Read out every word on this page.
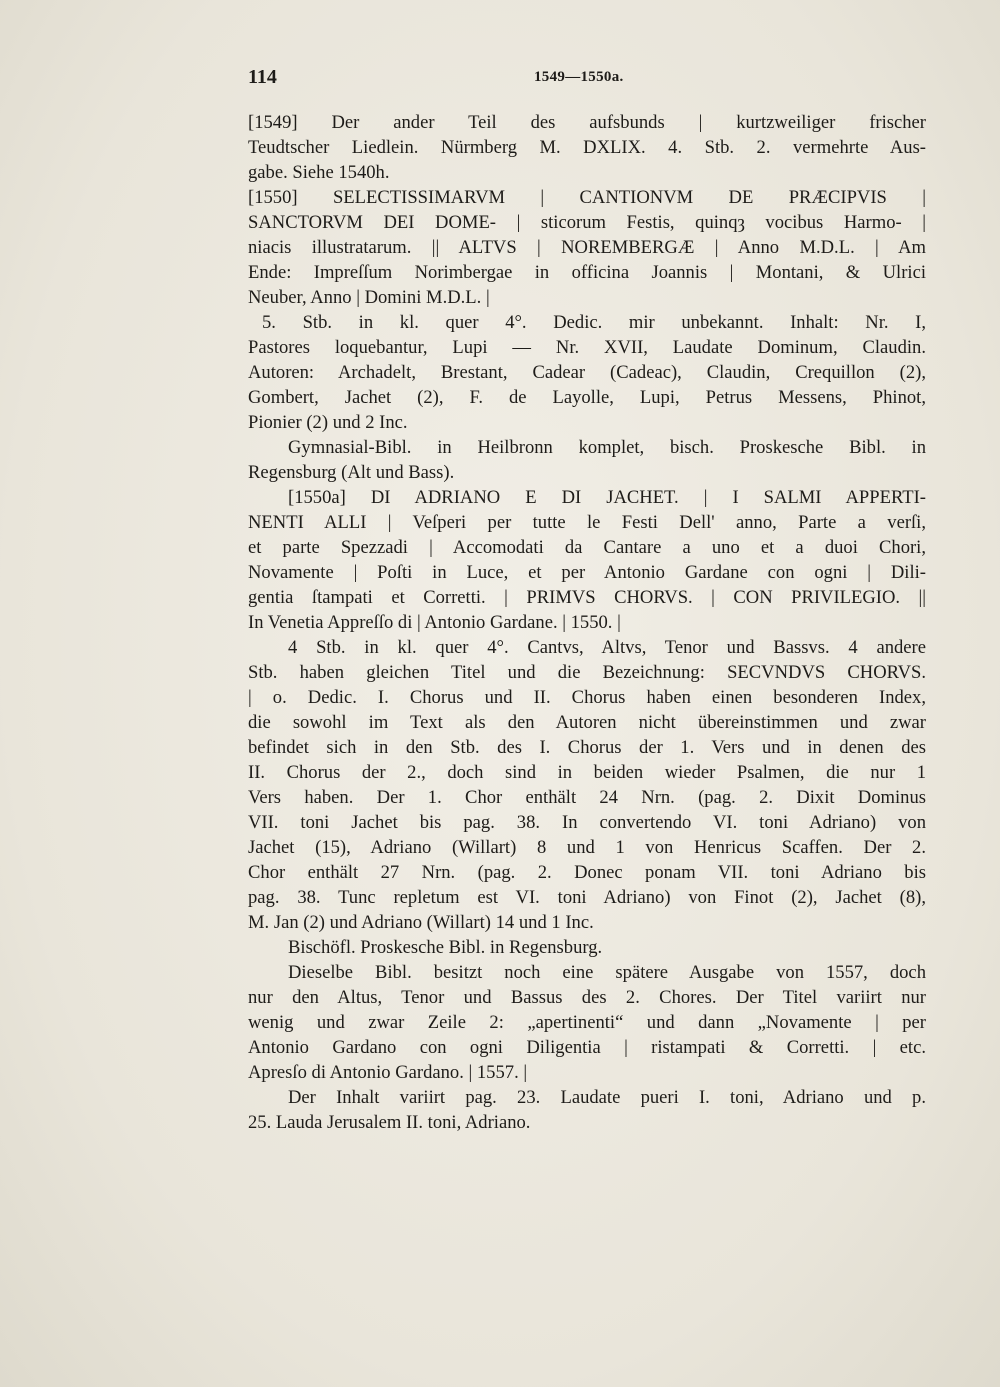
114	1549—1550a.
[1549] Der ander Teil des aufsbunds | kurtzweiliger frischer
Teudtscher Liedlein. Nürmberg M. DXLIX. 4. Stb. 2. vermehrte Aus-
gabe. Siehe 1540h.
[1550] SELECTISSIMARVM | CANTIONVM DE PRÆCIPVIS |
SANCTORVM DEI DOME- | sticorum Festis, quinqȝ vocibus Harmo- |
niacis illustratarum. || ALTVS | NOREMBERGÆ | Anno M.D.L. | Am
Ende: Impreſſum Norimbergae in officina Joannis | Montani, & Ulrici
Neuber, Anno | Domini M.D.L. |
5. Stb. in kl. quer 4°. Dedic. mir unbekannt. Inhalt: Nr. I,
Pastores loquebantur, Lupi — Nr. XVII, Laudate Dominum, Claudin.
Autoren: Archadelt, Brestant, Cadear (Cadeac), Claudin, Crequillon (2),
Gombert, Jachet (2), F. de Layolle, Lupi, Petrus Messens, Phinot,
Pionier (2) und 2 Inc.
Gymnasial-Bibl. in Heilbronn komplet, bisch. Proskesche Bibl. in
Regensburg (Alt und Bass).
[1550a] DI ADRIANO E DI JACHET. | I SALMI APPERTI-
NENTI ALLI | Veſperi per tutte le Festi Dell' anno, Parte a verſi,
et parte Spezzadi | Accomodati da Cantare a uno et a duoi Chori,
Novamente | Poſti in Luce, et per Antonio Gardane con ogni | Dili-
gentia ſtampati et Corretti. | PRIMVS CHORVS. | CON PRIVILEGIO. ||
In Venetia Appreſſo di | Antonio Gardane. | 1550. |
4 Stb. in kl. quer 4°. Cantvs, Altvs, Tenor und Bassvs. 4 andere
Stb. haben gleichen Titel und die Bezeichnung: SECVNDVS CHORVS.
| o. Dedic. I. Chorus und II. Chorus haben einen besonderen Index,
die sowohl im Text als den Autoren nicht übereinstimmen und zwar
befindet sich in den Stb. des I. Chorus der 1. Vers und in denen des
II. Chorus der 2., doch sind in beiden wieder Psalmen, die nur 1
Vers haben. Der 1. Chor enthält 24 Nrn. (pag. 2. Dixit Dominus
VII. toni Jachet bis pag. 38. In convertendo VI. toni Adriano) von
Jachet (15), Adriano (Willart) 8 und 1 von Henricus Scaffen. Der 2.
Chor enthält 27 Nrn. (pag. 2. Donec ponam VII. toni Adriano bis
pag. 38. Tunc repletum est VI. toni Adriano) von Finot (2), Jachet (8),
M. Jan (2) und Adriano (Willart) 14 und 1 Inc.
Bischöfl. Proskesche Bibl. in Regensburg.
Dieselbe Bibl. besitzt noch eine spätere Ausgabe von 1557, doch
nur den Altus, Tenor und Bassus des 2. Chores. Der Titel variirt nur
wenig und zwar Zeile 2: „apertinenti“ und dann „Novamente | per
Antonio Gardano con ogni Diligentia | ristampati & Corretti. | etc.
Apresſo di Antonio Gardano. | 1557. |
Der Inhalt variirt pag. 23. Laudate pueri I. toni, Adriano und p.
25. Lauda Jerusalem II. toni, Adriano.
